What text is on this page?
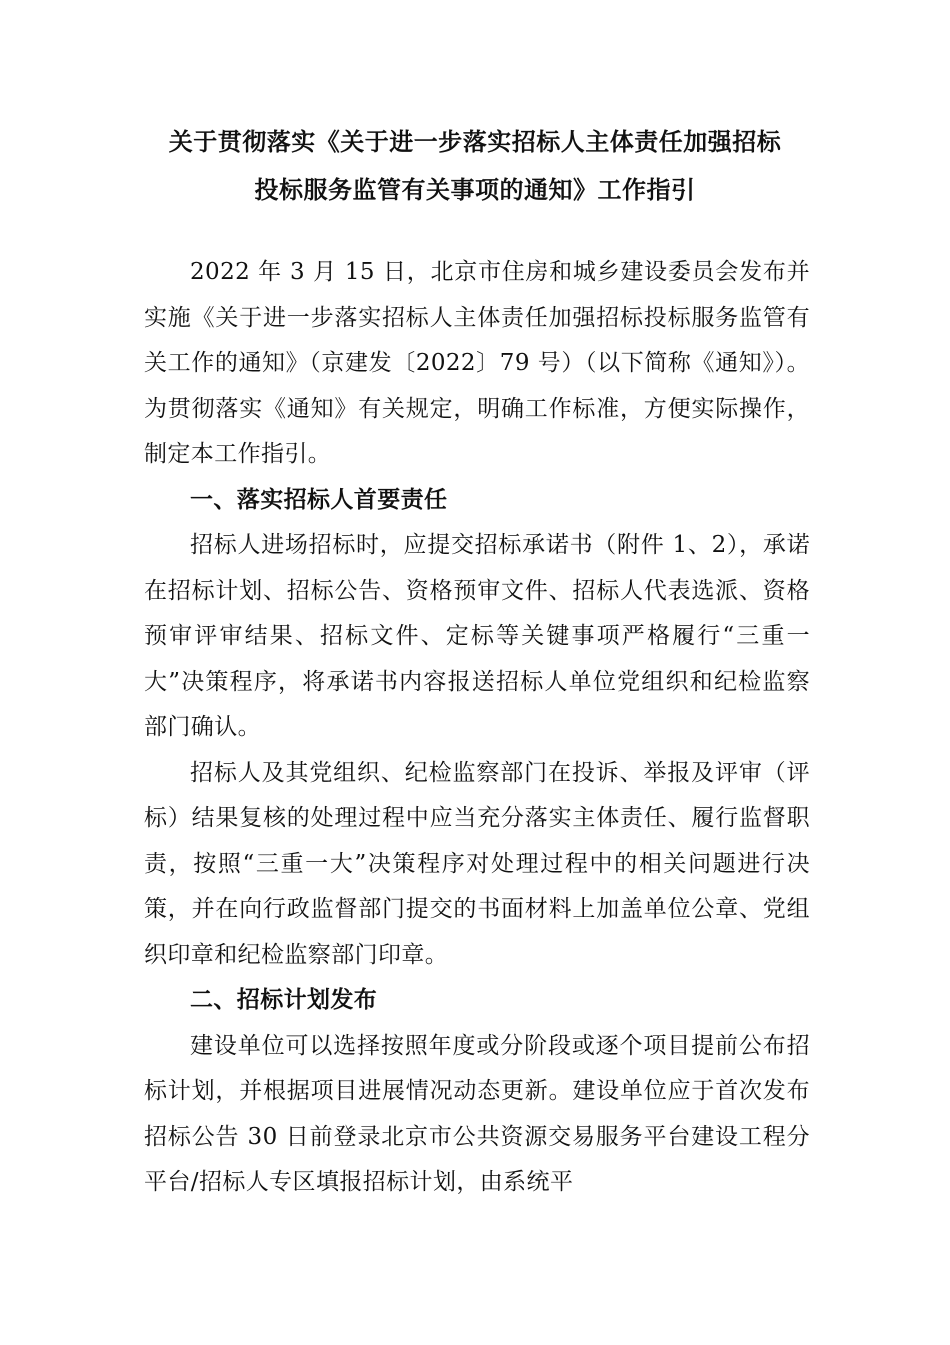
关于贯彻落实《关于进一步落实招标人主体责任加强招标
投标服务监管有关事项的通知》工作指引

2022 年 3 月 15 日，北京市住房和城乡建设委员会发布并实施《关于进一步落实招标人主体责任加强招标投标服务监管有关工作的通知》（京建发〔2022〕79 号）（以下简称《通知》）。为贯彻落实《通知》有关规定，明确工作标准，方便实际操作，制定本工作指引。

一、落实招标人首要责任

招标人进场招标时，应提交招标承诺书（附件 1、2），承诺在招标计划、招标公告、资格预审文件、招标人代表选派、资格预审评审结果、招标文件、定标等关键事项严格履行“三重一大”决策程序，将承诺书内容报送招标人单位党组织和纪检监察部门确认。

招标人及其党组织、纪检监察部门在投诉、举报及评审（评标）结果复核的处理过程中应当充分落实主体责任、履行监督职责，按照“三重一大”决策程序对处理过程中的相关问题进行决策，并在向行政监督部门提交的书面材料上加盖单位公章、党组织印章和纪检监察部门印章。

二、招标计划发布

建设单位可以选择按照年度或分阶段或逐个项目提前公布招标计划，并根据项目进展情况动态更新。建设单位应于首次发布招标公告 30 日前登录北京市公共资源交易服务平台建设工程分平台/招标人专区填报招标计划，由系统平
